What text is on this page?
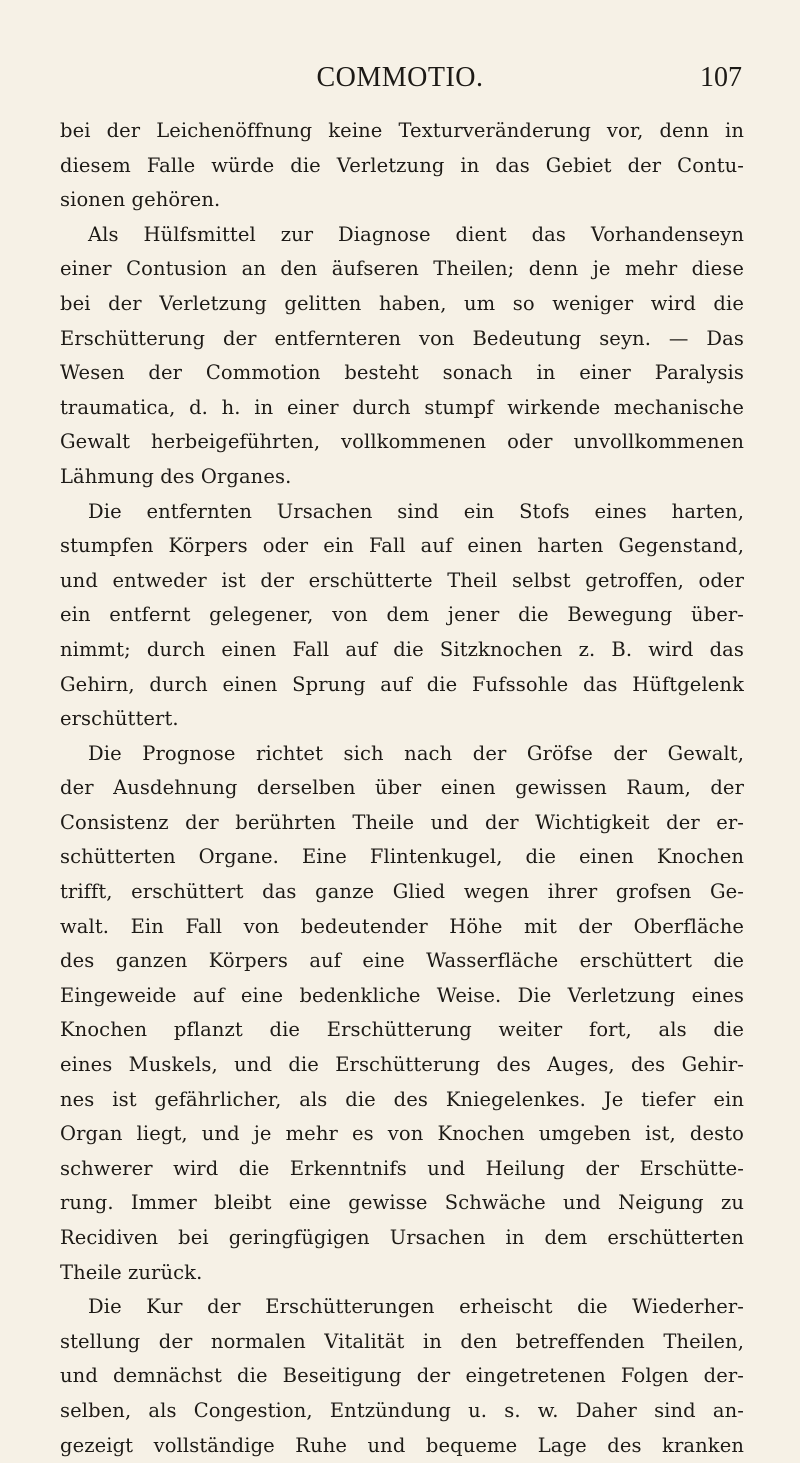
COMMOTIO.	107
bei der Leichenöffnung keine Texturveränderung vor, denn in
diesem Falle würde die Verletzung in das Gebiet der Contu-
sionen gehören.
Als Hülfsmittel zur Diagnose dient das Vorhandenseyn
einer Contusion an den äufseren Theilen; denn je mehr diese
bei der Verletzung gelitten haben, um so weniger wird die
Erschütterung der entfernteren von Bedeutung seyn. — Das
Wesen der Commotion besteht sonach in einer Paralysis
traumatica, d. h. in einer durch stumpf wirkende mechanische
Gewalt herbeigeführten, vollkommenen oder unvollkommenen
Lähmung des Organes.
Die entfernten Ursachen sind ein Stofs eines harten,
stumpfen Körpers oder ein Fall auf einen harten Gegenstand,
und entweder ist der erschütterte Theil selbst getroffen, oder
ein entfernt gelegener, von dem jener die Bewegung über-
nimmt; durch einen Fall auf die Sitzknochen z. B. wird das
Gehirn, durch einen Sprung auf die Fufssohle das Hüftgelenk
erschüttert.
Die Prognose richtet sich nach der Gröfse der Gewalt,
der Ausdehnung derselben über einen gewissen Raum, der
Consistenz der berührten Theile und der Wichtigkeit der er-
schütterten Organe. Eine Flintenkugel, die einen Knochen
trifft, erschüttert das ganze Glied wegen ihrer grofsen Ge-
walt. Ein Fall von bedeutender Höhe mit der Oberfläche
des ganzen Körpers auf eine Wasserfläche erschüttert die
Eingeweide auf eine bedenkliche Weise. Die Verletzung eines
Knochen pflanzt die Erschütterung weiter fort, als die
eines Muskels, und die Erschütterung des Auges, des Gehir-
nes ist gefährlicher, als die des Kniegelenkes. Je tiefer ein
Organ liegt, und je mehr es von Knochen umgeben ist, desto
schwerer wird die Erkenntnifs und Heilung der Erschütte-
rung. Immer bleibt eine gewisse Schwäche und Neigung zu
Recidiven bei geringfügigen Ursachen in dem erschütterten
Theile zurück.
Die Kur der Erschütterungen erheischt die Wiederher-
stellung der normalen Vitalität in den betreffenden Theilen,
und demnächst die Beseitigung der eingetretenen Folgen der-
selben, als Congestion, Entzündung u. s. w. Daher sind an-
gezeigt vollständige Ruhe und bequeme Lage des kranken
